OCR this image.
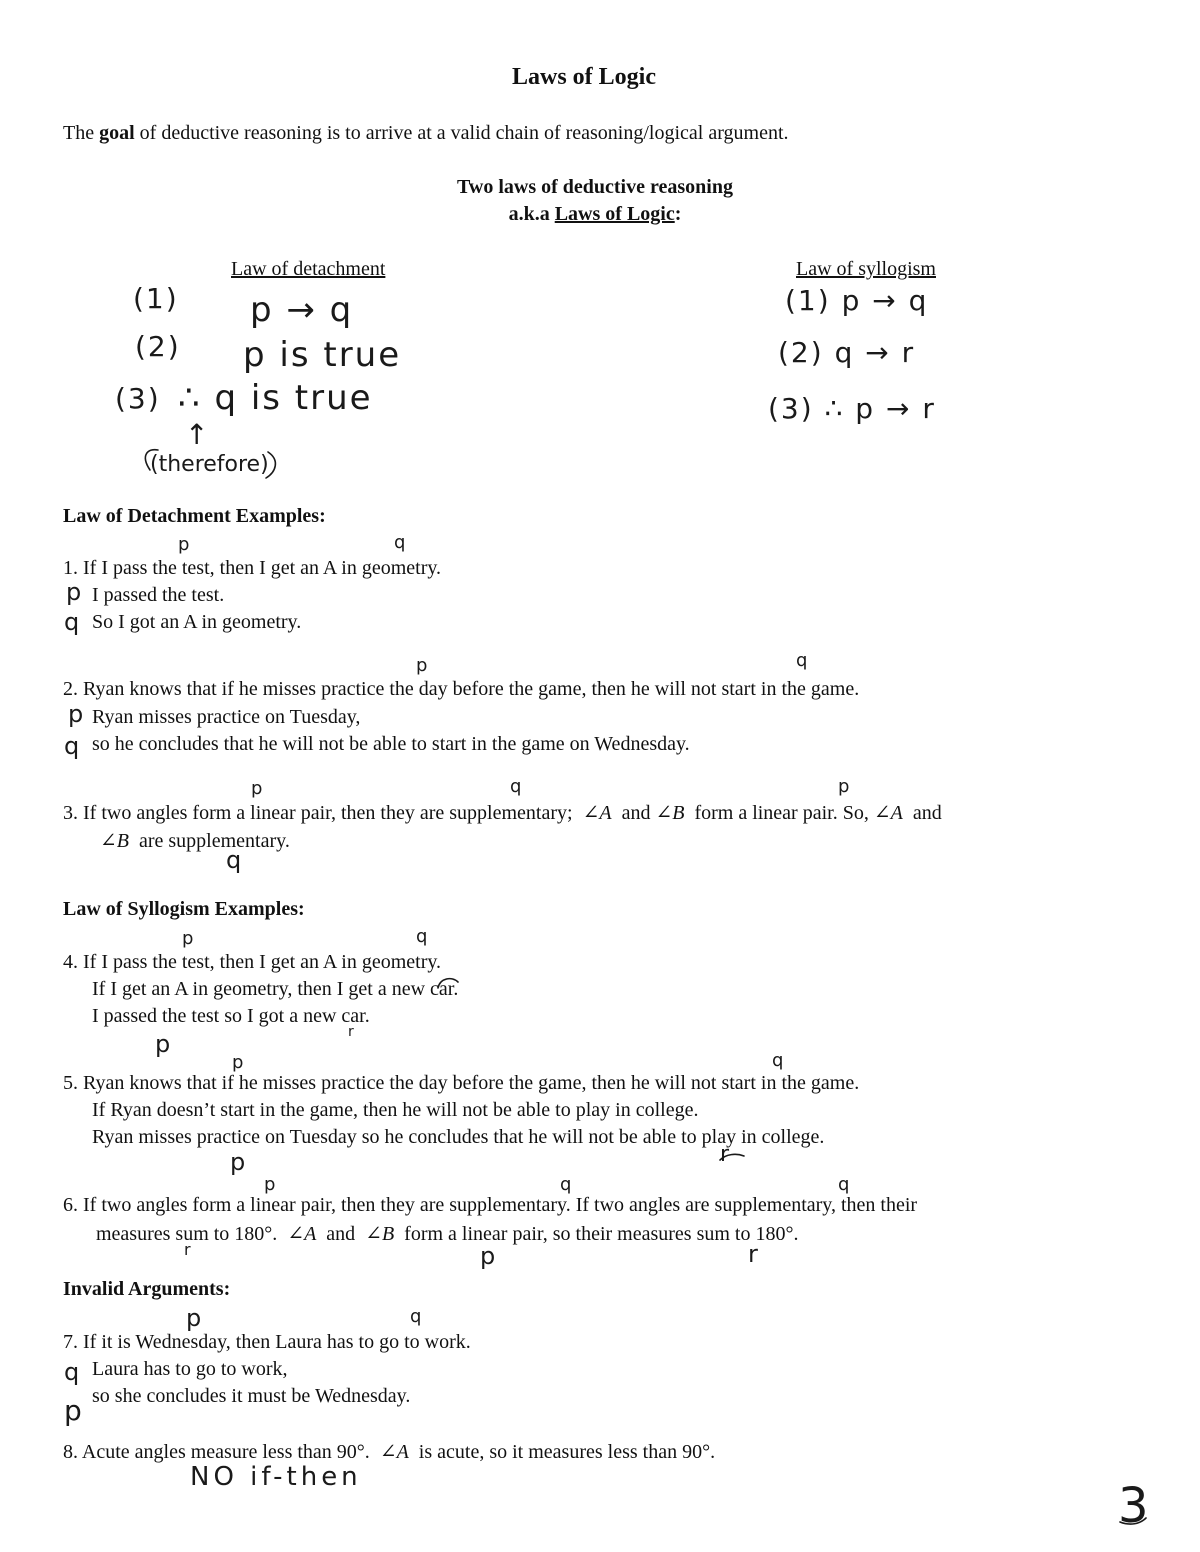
Laws of Logic
The goal of deductive reasoning is to arrive at a valid chain of reasoning/logical argument.
Two laws of deductive reasoning
a.k.a Laws of Logic:
Law of detachment	Law of syllogism
(1) p → q
(2) p is true
(3) ∴ q is true
↑
(therefore)
(1) p → q
(2) q → r
(3) ∴ p → r
Law of Detachment Examples:
1. If I pass the test, then I get an A in geometry.
I passed the test.
So I got an A in geometry.
2. Ryan knows that if he misses practice the day before the game, then he will not start in the game.
Ryan misses practice on Tuesday,
so he concludes that he will not be able to start in the game on Wednesday.
3. If two angles form a linear pair, then they are supplementary; ∠A and ∠B form a linear pair. So, ∠A and
∠B are supplementary.
Law of Syllogism Examples:
4. If I pass the test, then I get an A in geometry.
If I get an A in geometry, then I get a new car.
I passed the test so I got a new car.
5. Ryan knows that if he misses practice the day before the game, then he will not start in the game.
If Ryan doesn’t start in the game, then he will not be able to play in college.
Ryan misses practice on Tuesday so he concludes that he will not be able to play in college.
6. If two angles form a linear pair, then they are supplementary. If two angles are supplementary, then their
measures sum to 180°. ∠A and ∠B form a linear pair, so their measures sum to 180°.
Invalid Arguments:
7. If it is Wednesday, then Laura has to go to work.
Laura has to go to work,
so she concludes it must be Wednesday.
8. Acute angles measure less than 90°. ∠A is acute, so it measures less than 90°.
p	q
p
q
p	q
p
q
p	q	p
q
p	q
p	r
p	q
p	r
p	q	q
r	p	r
p	q
q
p
NO if-then
3
